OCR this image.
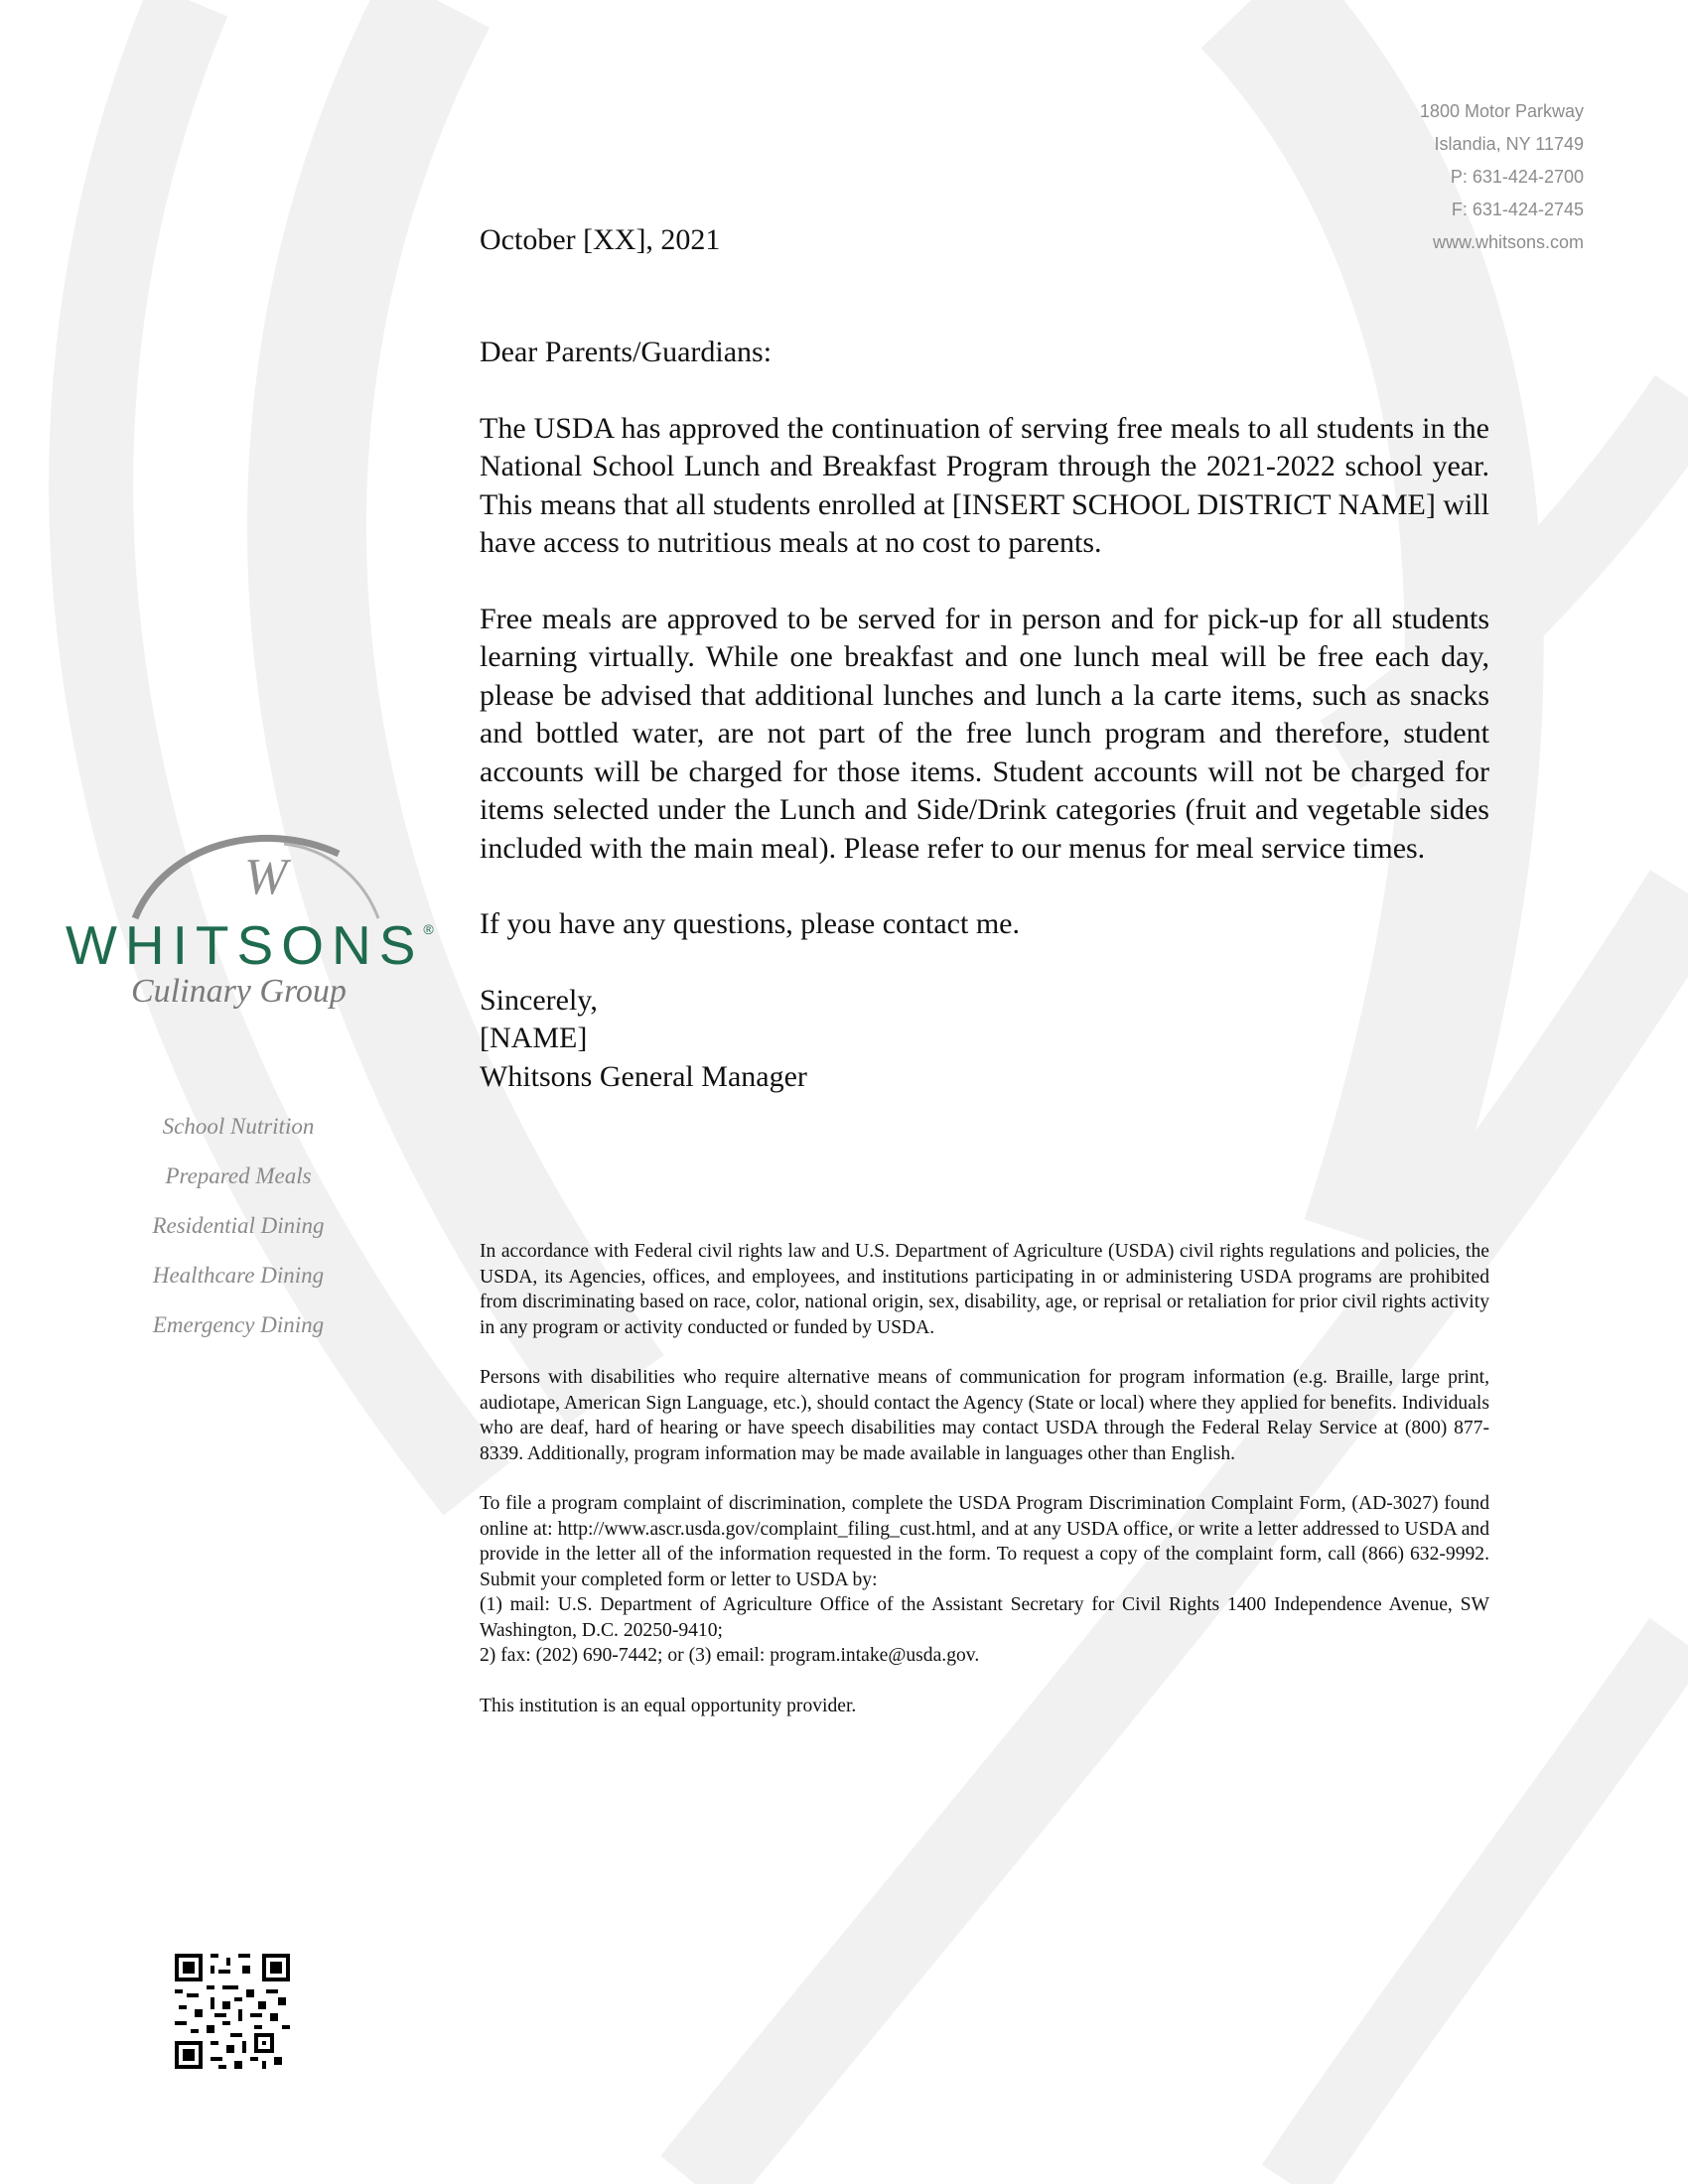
1800 Motor Parkway
Islandia, NY 11749
P: 631-424-2700
F: 631-424-2745
www.whitsons.com
W
WHITSONS®
Culinary Group
School Nutrition
Prepared Meals
Residential Dining
Healthcare Dining
Emergency Dining
October [XX], 2021

Dear Parents/Guardians:

The USDA has approved the continuation of serving free meals to all students in the National School Lunch and Breakfast Program through the 2021-2022 school year. This means that all students enrolled at [INSERT SCHOOL DISTRICT NAME] will have access to nutritious meals at no cost to parents.

Free meals are approved to be served for in person and for pick-up for all students learning virtually. While one breakfast and one lunch meal will be free each day, please be advised that additional lunches and lunch a la carte items, such as snacks and bottled water, are not part of the free lunch program and therefore, student accounts will be charged for those items. Student accounts will not be charged for items selected under the Lunch and Side/Drink categories (fruit and vegetable sides included with the main meal). Please refer to our menus for meal service times.

If you have any questions, please contact me.

Sincerely,

[NAME]

Whitsons General Manager

In accordance with Federal civil rights law and U.S. Department of Agriculture (USDA) civil rights regulations and policies, the USDA, its Agencies, offices, and employees, and institutions participating in or administering USDA programs are prohibited from discriminating based on race, color, national origin, sex, disability, age, or reprisal or retaliation for prior civil rights activity in any program or activity conducted or funded by USDA.

Persons with disabilities who require alternative means of communication for program information (e.g. Braille, large print, audiotape, American Sign Language, etc.), should contact the Agency (State or local) where they applied for benefits. Individuals who are deaf, hard of hearing or have speech disabilities may contact USDA through the Federal Relay Service at (800) 877-8339. Additionally, program information may be made available in languages other than English.

To file a program complaint of discrimination, complete the USDA Program Discrimination Complaint Form, (AD-3027) found online at: http://www.ascr.usda.gov/complaint_filing_cust.html, and at any USDA office, or write a letter addressed to USDA and provide in the letter all of the information requested in the form. To request a copy of the complaint form, call (866) 632-9992. Submit your completed form or letter to USDA by:
(1) mail: U.S. Department of Agriculture Office of the Assistant Secretary for Civil Rights 1400 Independence Avenue, SW Washington, D.C. 20250-9410;
2) fax: (202) 690-7442; or (3) email: program.intake@usda.gov.

This institution is an equal opportunity provider.
